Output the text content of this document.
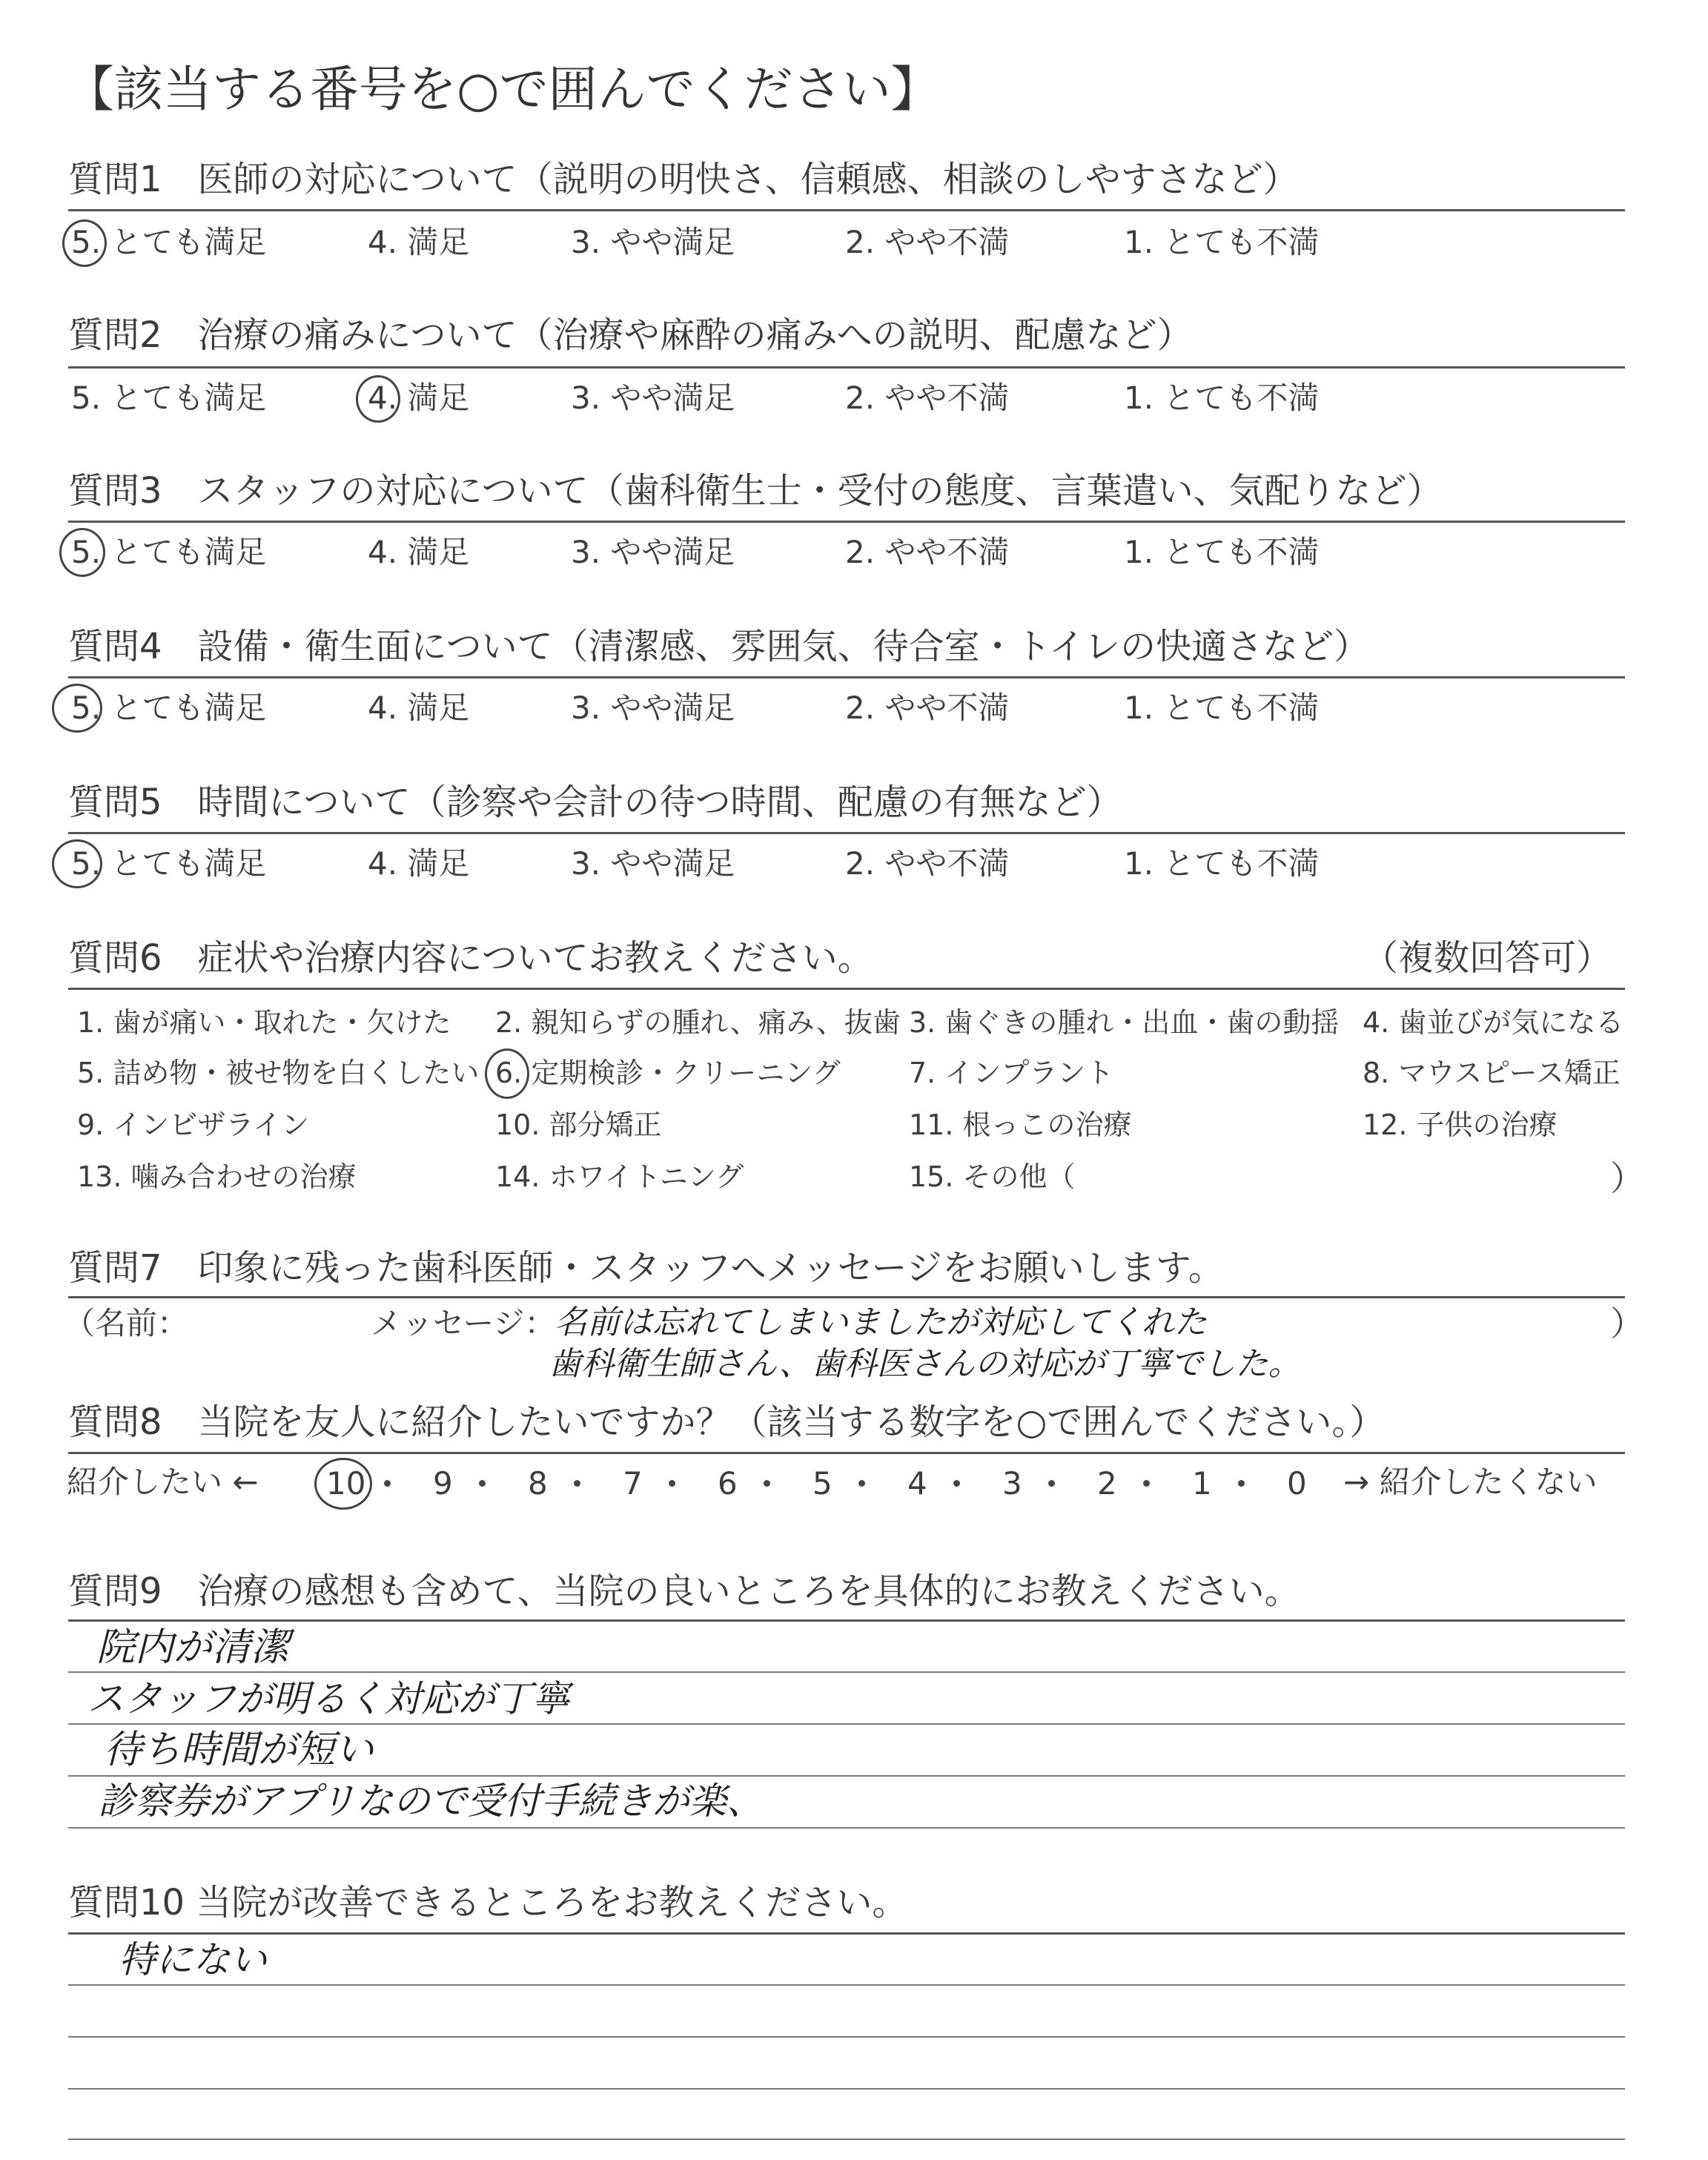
【該当する番号を○で囲んでください】
質問1　医師の対応について（説明の明快さ、信頼感、相談のしやすさなど）
5. とても満足	4. 満足	3. やや満足	2. やや不満	1. とても不満
質問2　治療の痛みについて（治療や麻酔の痛みへの説明、配慮など）
5. とても満足	4. 満足	3. やや満足	2. やや不満	1. とても不満
質問3　スタッフの対応について（歯科衛生士・受付の態度、言葉遣い、気配りなど）
5. とても満足	4. 満足	3. やや満足	2. やや不満	1. とても不満
質問4　設備・衛生面について（清潔感、雰囲気、待合室・トイレの快適さなど）
5. とても満足	4. 満足	3. やや満足	2. やや不満	1. とても不満
質問5　時間について（診察や会計の待つ時間、配慮の有無など）
5. とても満足	4. 満足	3. やや満足	2. やや不満	1. とても不満
質問6　症状や治療内容についてお教えください。	（複数回答可）
1. 歯が痛い・取れた・欠けた 2. 親知らずの腫れ、痛み、抜歯 3. 歯ぐきの腫れ・出血・歯の動揺 4. 歯並びが気になる
5. 詰め物・被せ物を白くしたい 6. 定期検診・クリーニング 7. インプラント	8. マウスピース矯正
9. インビザライン	10. 部分矯正	11. 根っこの治療	12. 子供の治療
13. 噛み合わせの治療	14. ホワイトニング	15. その他（	）
質問7　印象に残った歯科医師・スタッフへメッセージをお願いします。
（名前：	メッセージ：
名前は忘れてしまいましたが対応してくれた
歯科衛生師さん、歯科医さんの対応が丁寧でした。
）
質問8　当院を友人に紹介したいですか？（該当する数字を○で囲んでください。）
紹介したい ← 10 9 8 7 6 5 4 3 2 1 0 → 紹介したくない
質問9　治療の感想も含めて、当院の良いところを具体的にお教えください。
院内が清潔
スタッフが明るく対応が丁寧
待ち時間が短い
診察券がアプリなので受付手続きが楽、
質問10 当院が改善できるところをお教えください。
特にない
